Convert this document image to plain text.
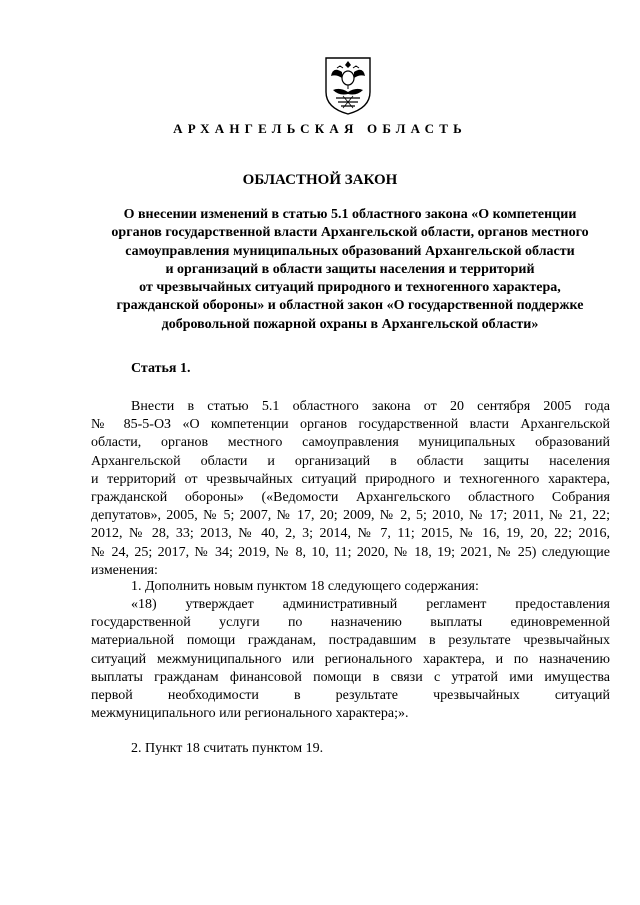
АРХАНГЕЛЬСКАЯ ОБЛАСТЬ
ОБЛАСТНОЙ ЗАКОН
О внесении изменений в статью 5.1 областного закона «О компетенции
органов государственной власти Архангельской области, органов местного
самоуправления муниципальных образований Архангельской области
и организаций в области защиты населения и территорий
от чрезвычайных ситуаций природного и техногенного характера,
гражданской обороны» и областной закон «О государственной поддержке
добровольной пожарной охраны в Архангельской области»
Статья 1.
Внести в статью 5.1 областного закона от 20 сентября 2005 года
№ 85-5-ОЗ «О компетенции органов государственной власти Архангельской
области, органов местного самоуправления муниципальных образований
Архангельской области и организаций в области защиты населения
и территорий от чрезвычайных ситуаций природного и техногенного характера,
гражданской обороны» («Ведомости Архангельского областного Собрания
депутатов», 2005, № 5; 2007, № 17, 20; 2009, № 2, 5; 2010, № 17; 2011, № 21, 22;
2012, № 28, 33; 2013, № 40, 2, 3; 2014, № 7, 11; 2015, № 16, 19, 20, 22; 2016,
№ 24, 25; 2017, № 34; 2019, № 8, 10, 11; 2020, № 18, 19; 2021, № 25) следующие
изменения:
1. Дополнить новым пунктом 18 следующего содержания:
«18) утверждает административный регламент предоставления
государственной услуги по назначению выплаты единовременной
материальной помощи гражданам, пострадавшим в результате чрезвычайных
ситуаций межмуниципального или регионального характера, и по назначению
выплаты гражданам финансовой помощи в связи с утратой ими имущества
первой необходимости в результате чрезвычайных ситуаций
межмуниципального или регионального характера;».
2. Пункт 18 считать пунктом 19.
